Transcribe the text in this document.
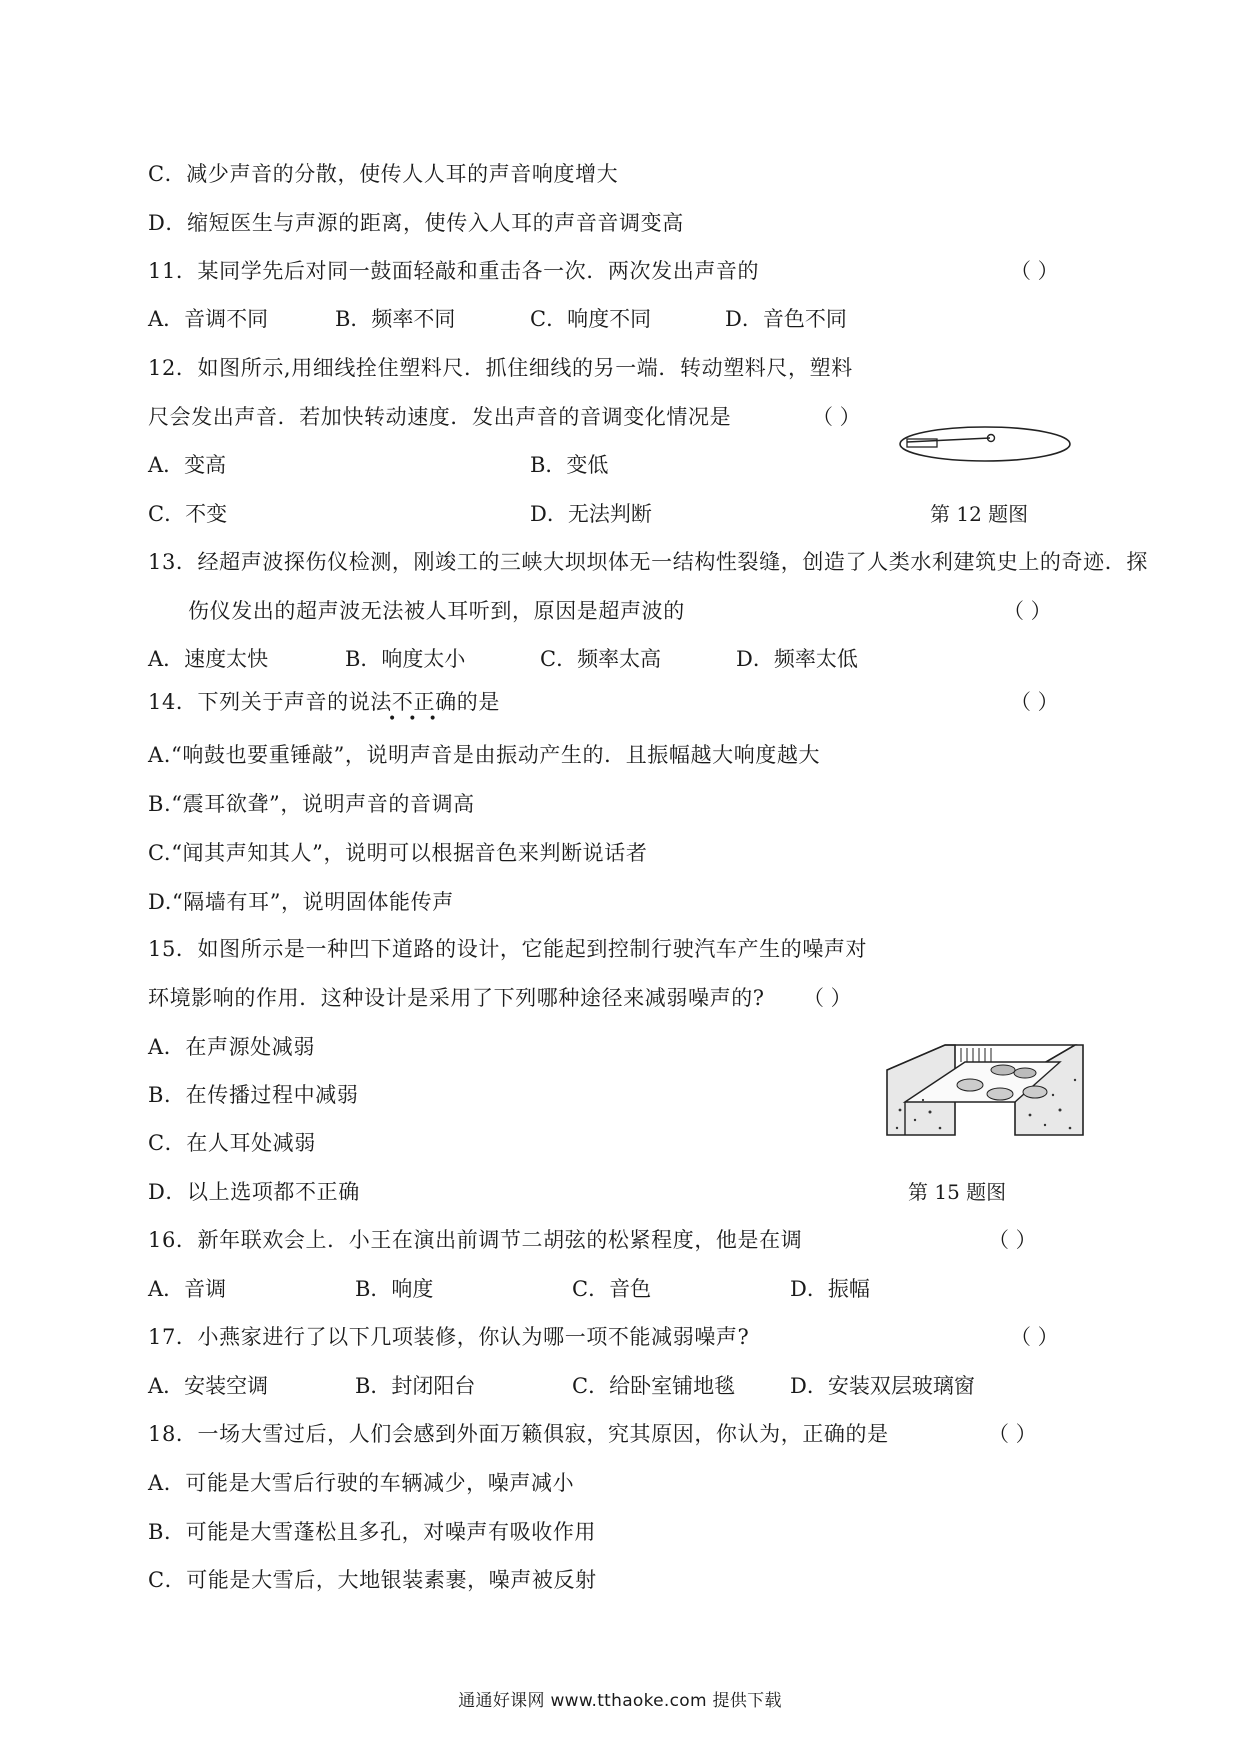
C．减少声音的分散，使传人人耳的声音响度增大

D．缩短医生与声源的距离，使传入人耳的声音音调变高

11．某同学先后对同一鼓面轻敲和重击各一次．两次发出声音的	（ ）
A．音调不同	B．频率不同	C．响度不同	D．音色不同

12．如图所示,用细线拴住塑料尺．抓住细线的另一端．转动塑料尺，塑料

尺会发出声音．若加快转动速度．发出声音的音调变化情况是	（ ）
A．变高	B．变低
C．不变	D．无法判断	第 12 题图

13．经超声波探伤仪检测，刚竣工的三峡大坝坝体无一结构性裂缝，创造了人类水利建筑史上的奇迹．探

伤仪发出的超声波无法被人耳听到，原因是超声波的	（ ）
A．速度太快	B．响度太小	C．频率太高	D．频率太低

14．下列关于声音的说法不正确的是	（ ）
•••

A.“响鼓也要重锤敲”，说明声音是由振动产生的．且振幅越大响度越大

B.“震耳欲聋”，说明声音的音调高

C.“闻其声知其人”，说明可以根据音色来判断说话者

D.“隔墙有耳”，说明固体能传声

15．如图所示是一种凹下道路的设计，它能起到控制行驶汽车产生的噪声对

环境影响的作用．这种设计是采用了下列哪种途径来减弱噪声的? （ ）

A．在声源处减弱

B．在传播过程中减弱

C．在人耳处减弱

D．以上选项都不正确	第 15 题图

16．新年联欢会上．小王在演出前调节二胡弦的松紧程度，他是在调	（ ）
A．音调	B．响度	C．音色	D．振幅

17．小燕家进行了以下几项装修，你认为哪一项不能减弱噪声?	（ ）
A．安装空调	B．封闭阳台	C．给卧室铺地毯	D．安装双层玻璃窗

18．一场大雪过后，人们会感到外面万籁俱寂，究其原因，你认为，正确的是	（ ）

A．可能是大雪后行驶的车辆减少，噪声减小

B．可能是大雪蓬松且多孔，对噪声有吸收作用

C．可能是大雪后，大地银装素裹，噪声被反射

通通好课网 www.tthaoke.com 提供下载
